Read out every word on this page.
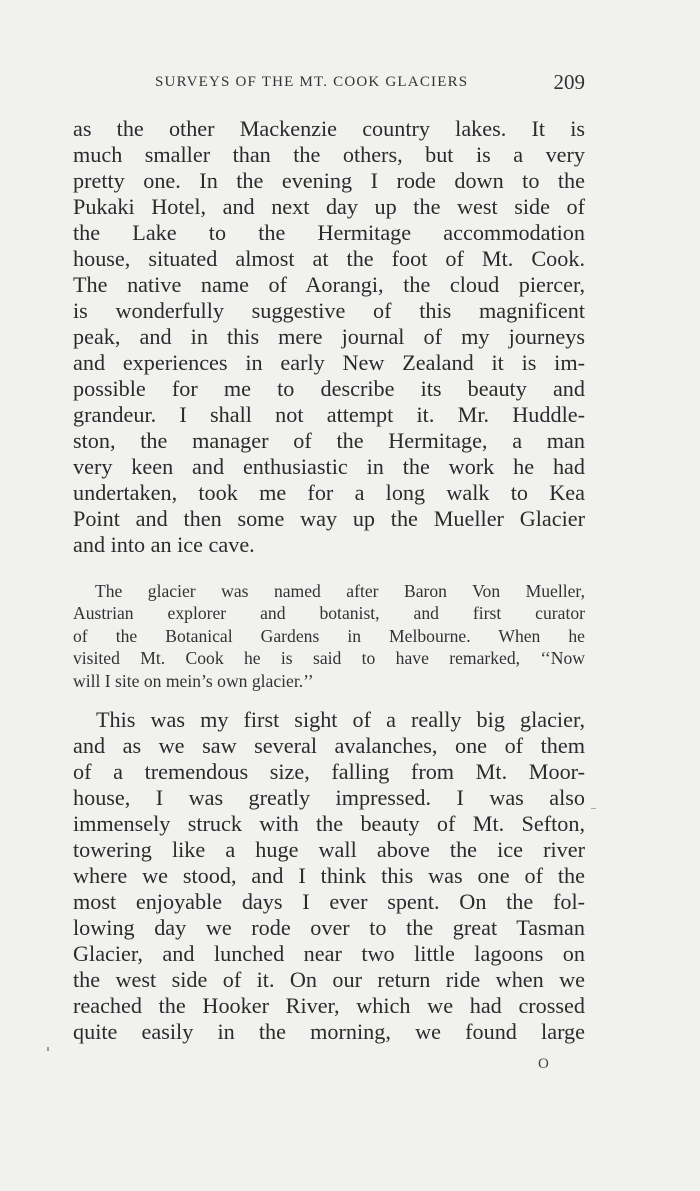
SURVEYS OF THE MT. COOK GLACIERS	209
as the other Mackenzie country lakes. It is
much smaller than the others, but is a very
pretty one. In the evening I rode down to the
Pukaki Hotel, and next day up the west side of
the Lake to the Hermitage accommodation
house, situated almost at the foot of Mt. Cook.
The native name of Aorangi, the cloud piercer,
is wonderfully suggestive of this magnificent
peak, and in this mere journal of my journeys
and experiences in early New Zealand it is im-
possible for me to describe its beauty and
grandeur. I shall not attempt it. Mr. Huddle-
ston, the manager of the Hermitage, a man
very keen and enthusiastic in the work he had
undertaken, took me for a long walk to Kea
Point and then some way up the Mueller Glacier
and into an ice cave.
The glacier was named after Baron Von Mueller,
Austrian explorer and botanist, and first curator
of the Botanical Gardens in Melbourne. When he
visited Mt. Cook he is said to have remarked, ‘‘Now
will I site on mein’s own glacier.’’
This was my first sight of a really big glacier,
and as we saw several avalanches, one of them
of a tremendous size, falling from Mt. Moor-
house, I was greatly impressed. I was also
immensely struck with the beauty of Mt. Sefton,
towering like a huge wall above the ice river
where we stood, and I think this was one of the
most enjoyable days I ever spent. On the fol-
lowing day we rode over to the great Tasman
Glacier, and lunched near two little lagoons on
the west side of it. On our return ride when we
reached the Hooker River, which we had crossed
quite easily in the morning, we found large
O
